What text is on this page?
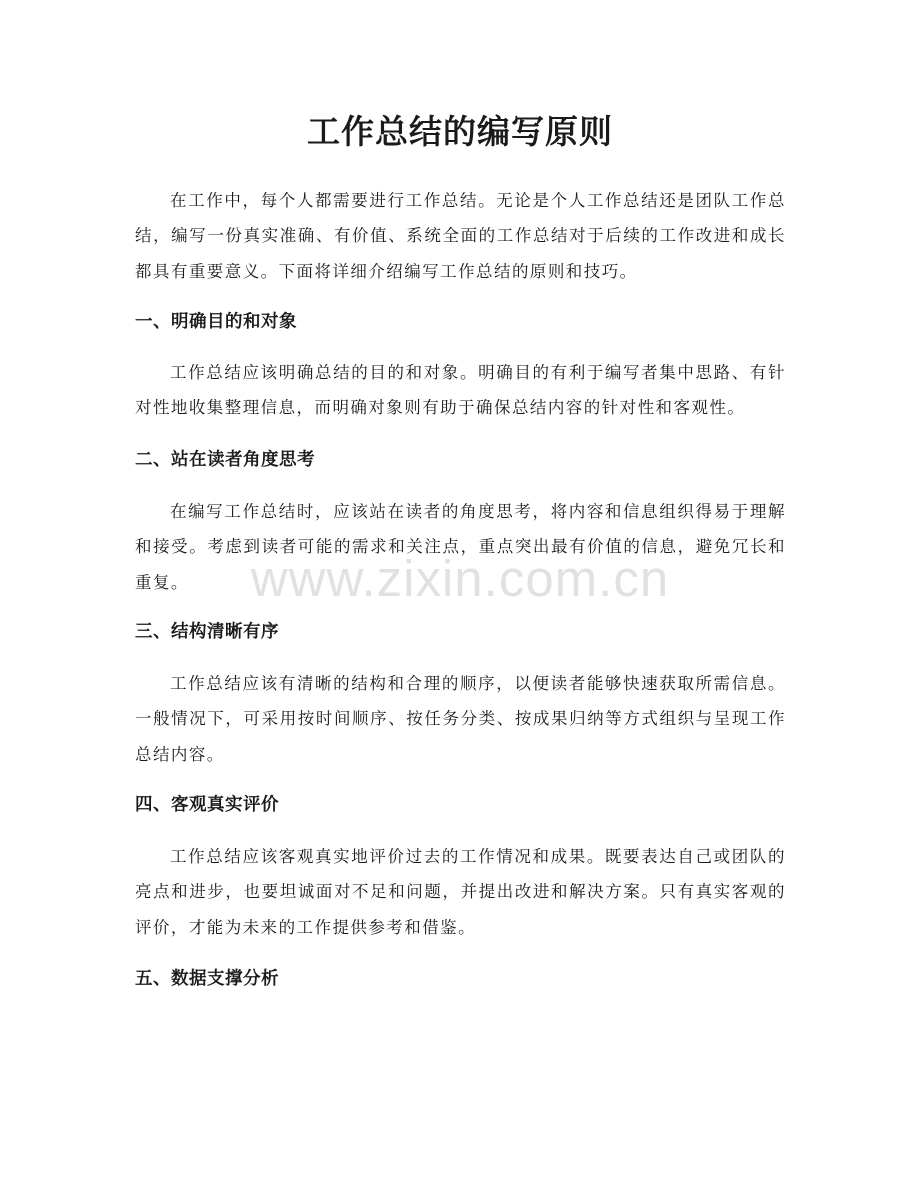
工作总结的编写原则
在工作中，每个人都需要进行工作总结。无论是个人工作总结还是团队工作总结，编写一份真实准确、有价值、系统全面的工作总结对于后续的工作改进和成长都具有重要意义。下面将详细介绍编写工作总结的原则和技巧。
一、明确目的和对象
工作总结应该明确总结的目的和对象。明确目的有利于编写者集中思路、有针对性地收集整理信息，而明确对象则有助于确保总结内容的针对性和客观性。
二、站在读者角度思考
在编写工作总结时，应该站在读者的角度思考，将内容和信息组织得易于理解和接受。考虑到读者可能的需求和关注点，重点突出最有价值的信息，避免冗长和重复。
三、结构清晰有序
工作总结应该有清晰的结构和合理的顺序，以便读者能够快速获取所需信息。一般情况下，可采用按时间顺序、按任务分类、按成果归纳等方式组织与呈现工作总结内容。
四、客观真实评价
工作总结应该客观真实地评价过去的工作情况和成果。既要表达自己或团队的亮点和进步，也要坦诚面对不足和问题，并提出改进和解决方案。只有真实客观的评价，才能为未来的工作提供参考和借鉴。
五、数据支撑分析
www.zixin.com.cn
